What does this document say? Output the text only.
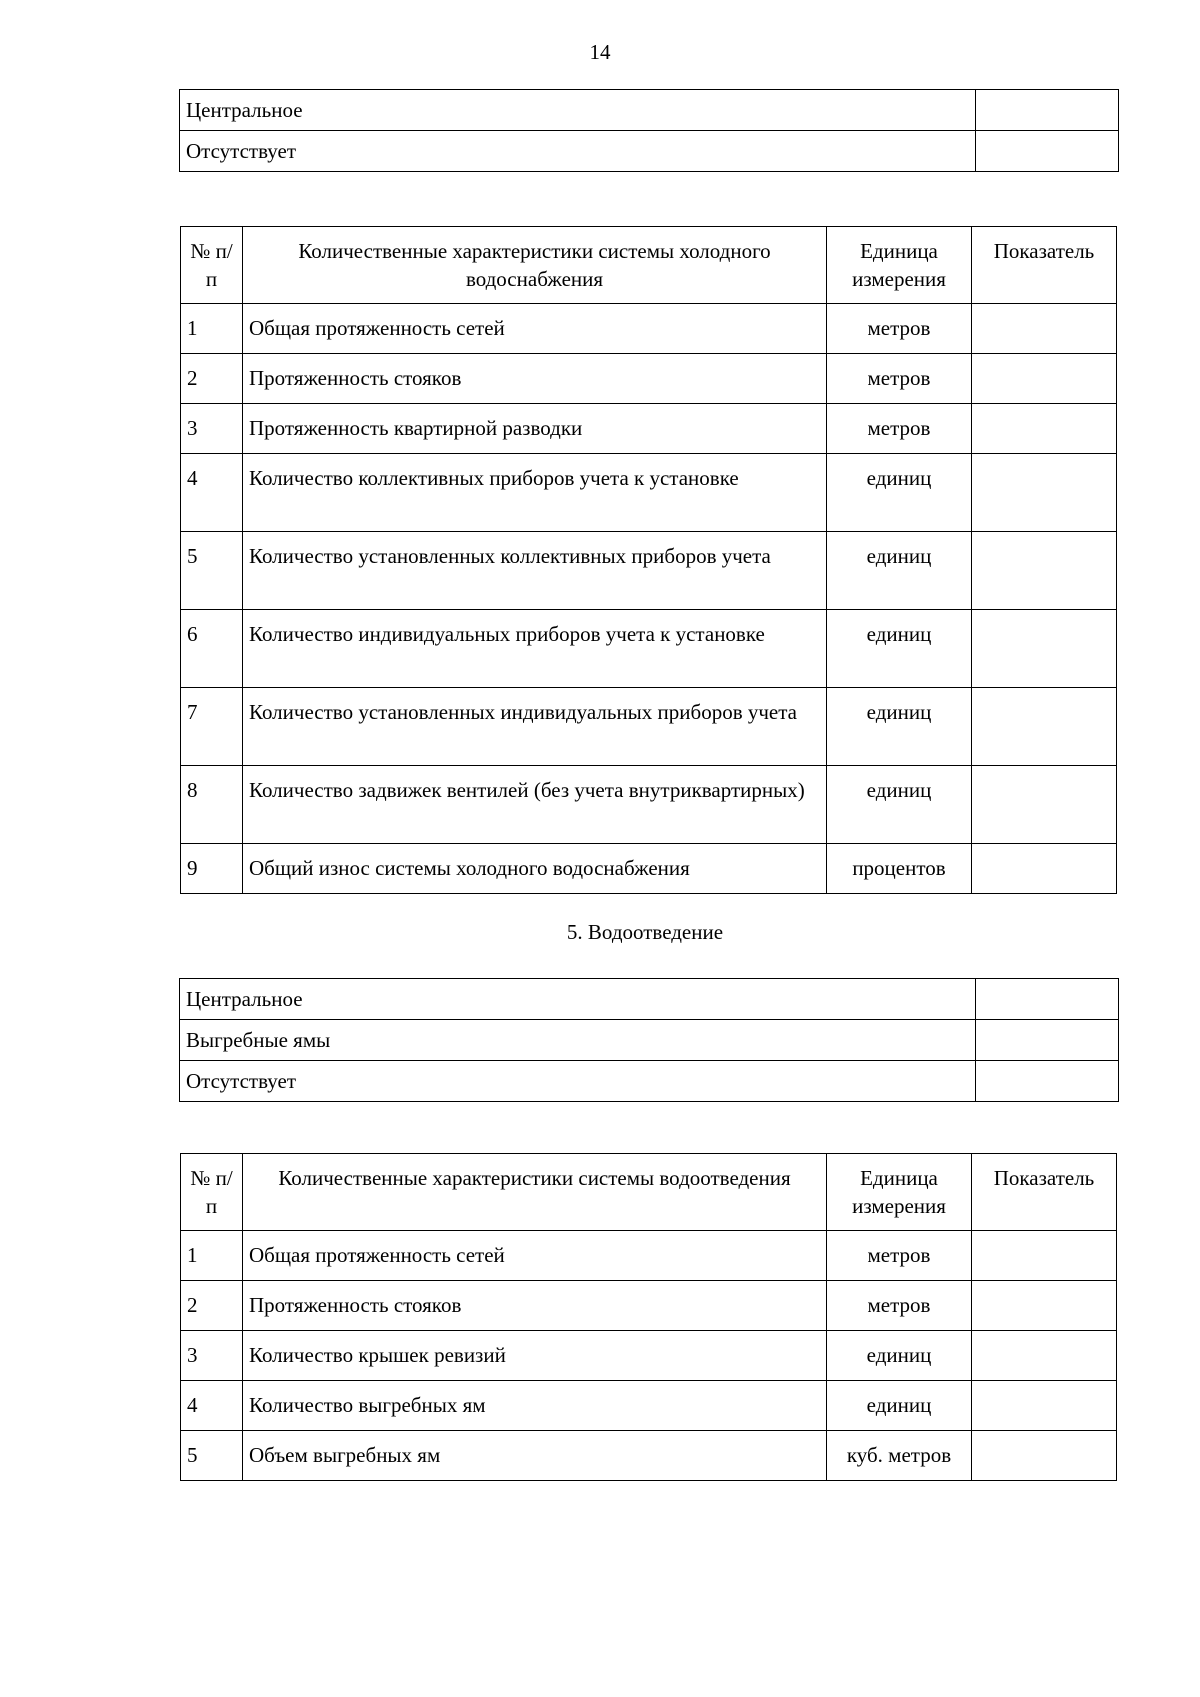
14
Центральное	
Отсутствует	
№ п/п	Количественные характеристики системы холодного водоснабжения	Единица измерения	Показатель
1	Общая протяженность сетей	метров	
2	Протяженность стояков	метров	
3	Протяженность квартирной разводки	метров	
4	Количество коллективных приборов учета к установке	единиц	
5	Количество установленных коллективных приборов учета	единиц	
6	Количество индивидуальных приборов учета к установке	единиц	
7	Количество установленных индивидуальных приборов учета	единиц	
8	Количество задвижек вентилей (без учета внутриквартирных)	единиц	
9	Общий износ системы холодного водоснабжения	процентов	
5. Водоотведение
Центральное	
Выгребные ямы	
Отсутствует	
№ п/п	Количественные характеристики системы водоотведения	Единица измерения	Показатель
1	Общая протяженность сетей	метров	
2	Протяженность стояков	метров	
3	Количество крышек ревизий	единиц	
4	Количество выгребных ям	единиц	
5	Объем выгребных ям	куб. метров	
